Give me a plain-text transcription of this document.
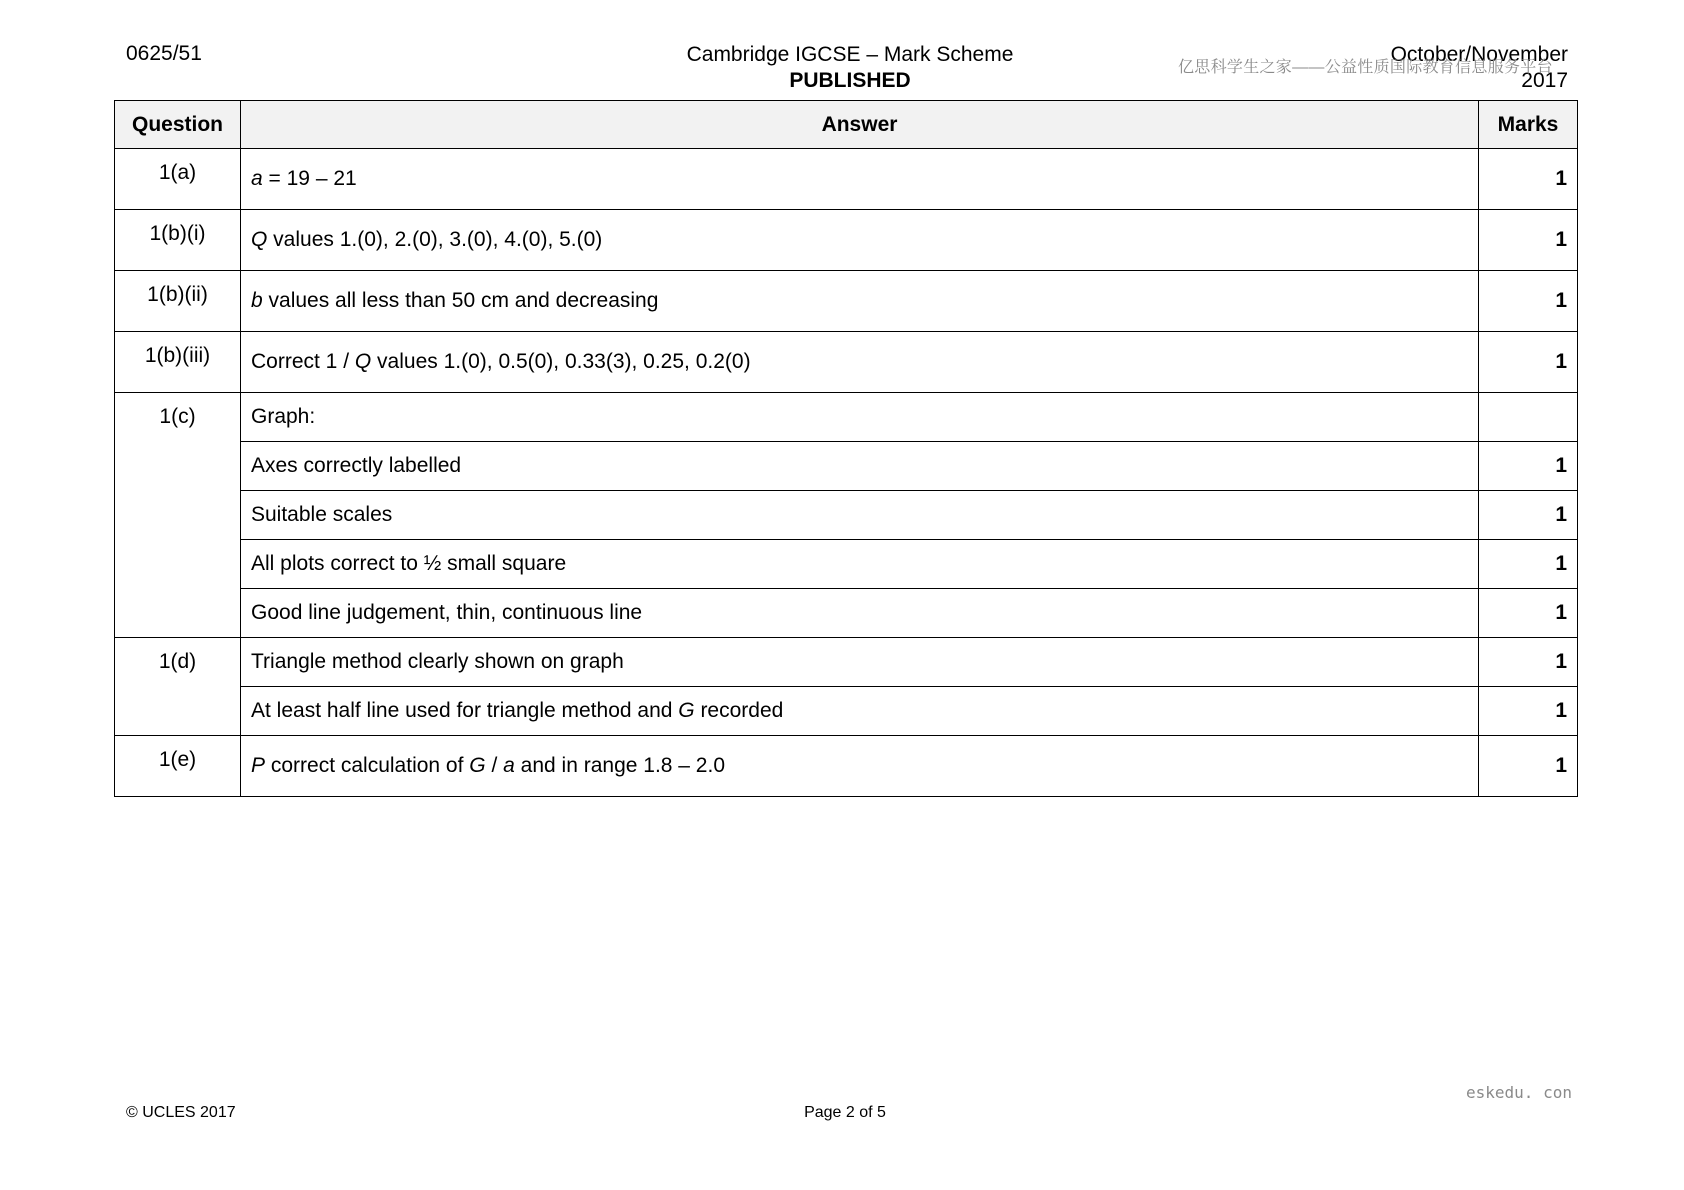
0625/51	Cambridge IGCSE – Mark Scheme
PUBLISHED
October/November
2017
亿思科学生之家——公益性质国际教育信息服务平台
Question	Answer	Marks
1(a)	a = 19 – 21	1
1(b)(i)	Q values 1.(0), 2.(0), 3.(0), 4.(0), 5.(0)	1
1(b)(ii)	b values all less than 50 cm and decreasing	1
1(b)(iii)	Correct 1 / Q values 1.(0), 0.5(0), 0.33(3), 0.25, 0.2(0)	1
1(c)	Graph:	
	Axes correctly labelled	1
	Suitable scales	1
	All plots correct to ½ small square	1
	Good line judgement, thin, continuous line	1
1(d)	Triangle method clearly shown on graph	1
	At least half line used for triangle method and G recorded	1
1(e)	P correct calculation of G / a and in range 1.8 – 2.0	1
eskedu. con
© UCLES 2017	Page 2 of 5
